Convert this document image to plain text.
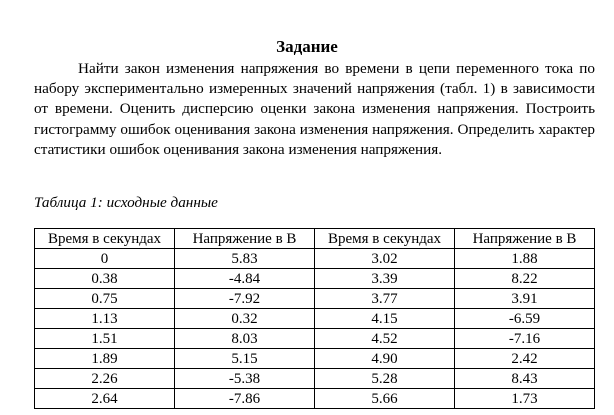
Задание

Найти закон изменения напряжения во времени в цепи переменного тока по набору экспериментально измеренных значений напряжения (табл. 1) в зависимости от времени. Оценить дисперсию оценки закона изменения напряжения. Построить гистограмму ошибок оценивания закона изменения напряжения. Определить характер статистики ошибок оценивания закона изменения напряжения.

Таблица 1: исходные данные
Время в секундах	Напряжение в В	Время в секундах	Напряжение в В
0	5.83	3.02	1.88
0.38	-4.84	3.39	8.22
0.75	-7.92	3.77	3.91
1.13	0.32	4.15	-6.59
1.51	8.03	4.52	-7.16
1.89	5.15	4.90	2.42
2.26	-5.38	5.28	8.43
2.64	-7.86	5.66	1.73
